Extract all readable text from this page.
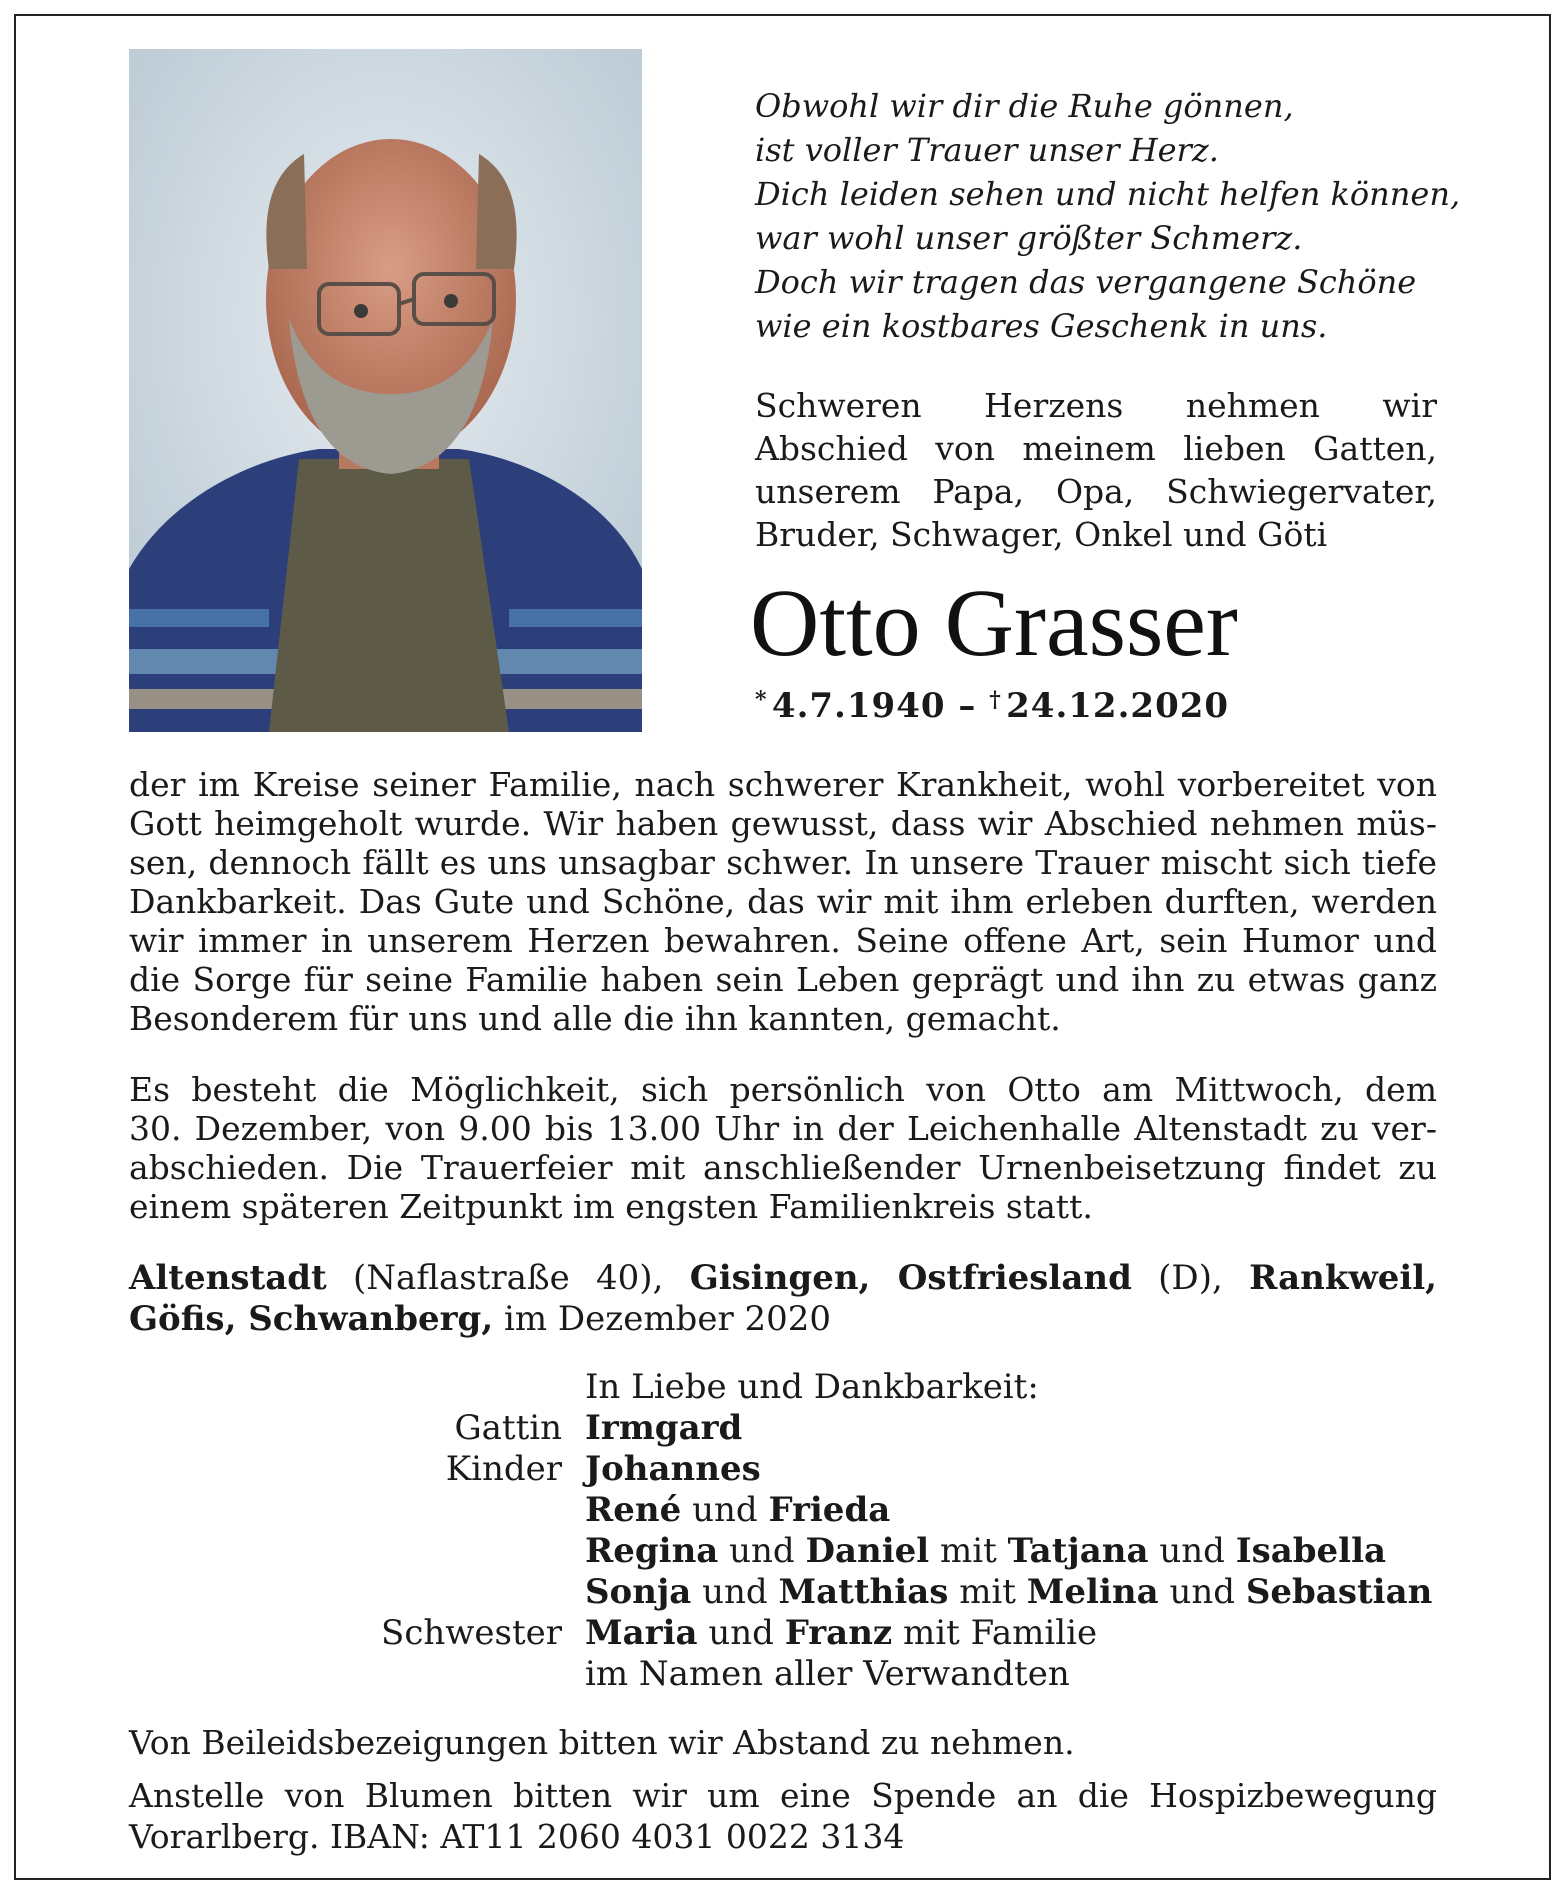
Obwohl wir dir die Ruhe gönnen,
ist voller Trauer unser Herz.
Dich leiden sehen und nicht helfen können,
war wohl unser größter Schmerz.
Doch wir tragen das vergangene Schöne
wie ein kostbares Geschenk in uns.
Schweren Herzens nehmen wir
Abschied von meinem lieben Gatten,
unserem Papa, Opa, Schwiegervater,
Bruder, Schwager, Onkel und Göti
Otto Grasser
*  4.7.1940 – †  24.12.2020
der im Kreise seiner Familie, nach schwerer Krankheit, wohl vorbereitet von
Gott heimgeholt wurde. Wir haben gewusst, dass wir Abschied nehmen müs-
sen, dennoch fällt es uns unsagbar schwer. In unsere Trauer mischt sich tiefe
Dankbarkeit. Das Gute und Schöne, das wir mit ihm erleben durften, werden
wir immer in unserem Herzen bewahren. Seine offene Art, sein Humor und
die Sorge für seine Familie haben sein Leben geprägt und ihn zu etwas ganz
Besonderem für uns und alle die ihn kannten, gemacht.
Es besteht die Möglichkeit, sich persönlich von Otto am Mittwoch, dem
30. Dezember, von 9.00 bis 13.00 Uhr in der Leichenhalle Altenstadt zu ver-
abschieden. Die Trauerfeier mit anschließender Urnenbeisetzung findet zu
einem späteren Zeitpunkt im engsten Familienkreis statt.
Altenstadt (Naflastraße 40), Gisingen, Ostfriesland (D), Rankweil,
Göfis, Schwanberg, im Dezember 2020
In Liebe und Dankbarkeit:
Gattin Irmgard
Kinder Johannes
René und Frieda
Regina und Daniel mit Tatjana und Isabella
Sonja und Matthias mit Melina und Sebastian
Schwester Maria und Franz mit Familie
im Namen aller Verwandten
Von Beileidsbezeigungen bitten wir Abstand zu nehmen.
Anstelle von Blumen bitten wir um eine Spende an die Hospizbewegung
Vorarlberg. IBAN: AT11 2060 4031 0022 3134
